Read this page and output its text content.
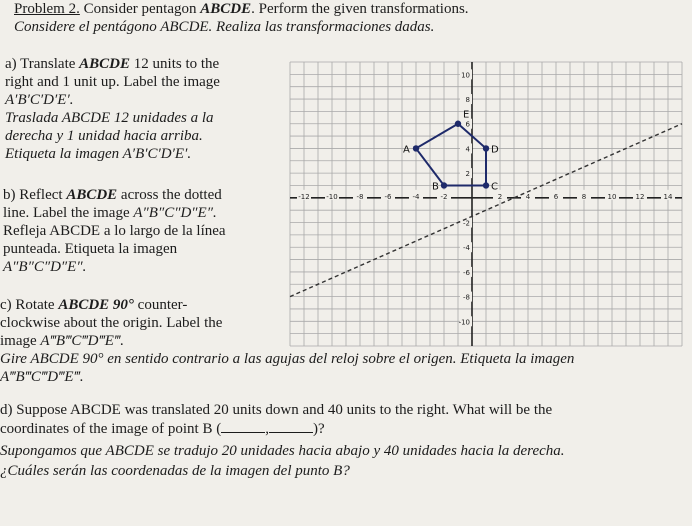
Problem 2. Consider pentagon ABCDE. Perform the given transformations.
Considere el pentágono ABCDE. Realiza las transformaciones dadas.
a) Translate ABCDE 12 units to the
right and 1 unit up. Label the image
A′B′C′D′E′.
Traslada ABCDE 12 unidades a la
derecha y 1 unidad hacia arriba.
Etiqueta la imagen A′B′C′D′E′.
b) Reflect ABCDE across the dotted
line. Label the image A″B″C″D″E″.
Refleja ABCDE a lo largo de la línea
punteada. Etiqueta la imagen
A″B″C″D″E″.
c) Rotate ABCDE 90° counter-
clockwise about the origin. Label the
image A‴B‴C‴D‴E‴.
Gire ABCDE 90° en sentido contrario a las agujas del reloj sobre el origen. Etiqueta la imagen
A‴B‴C‴D‴E‴.
d) Suppose ABCDE was translated 20 units down and 40 units to the right. What will be the
coordinates of the image of point B (	,	)?
Supongamos que ABCDE se tradujo 20 unidades hacia abajo y 40 unidades hacia la derecha.
¿Cuáles serán las coordenadas de la imagen del punto B?
-12 -10	-8	-6	-4	-2	2	4	6	8	10	12	14
10
8
6
4
2
-2
-4
-6
-8
-10
A
B	C
D
E
